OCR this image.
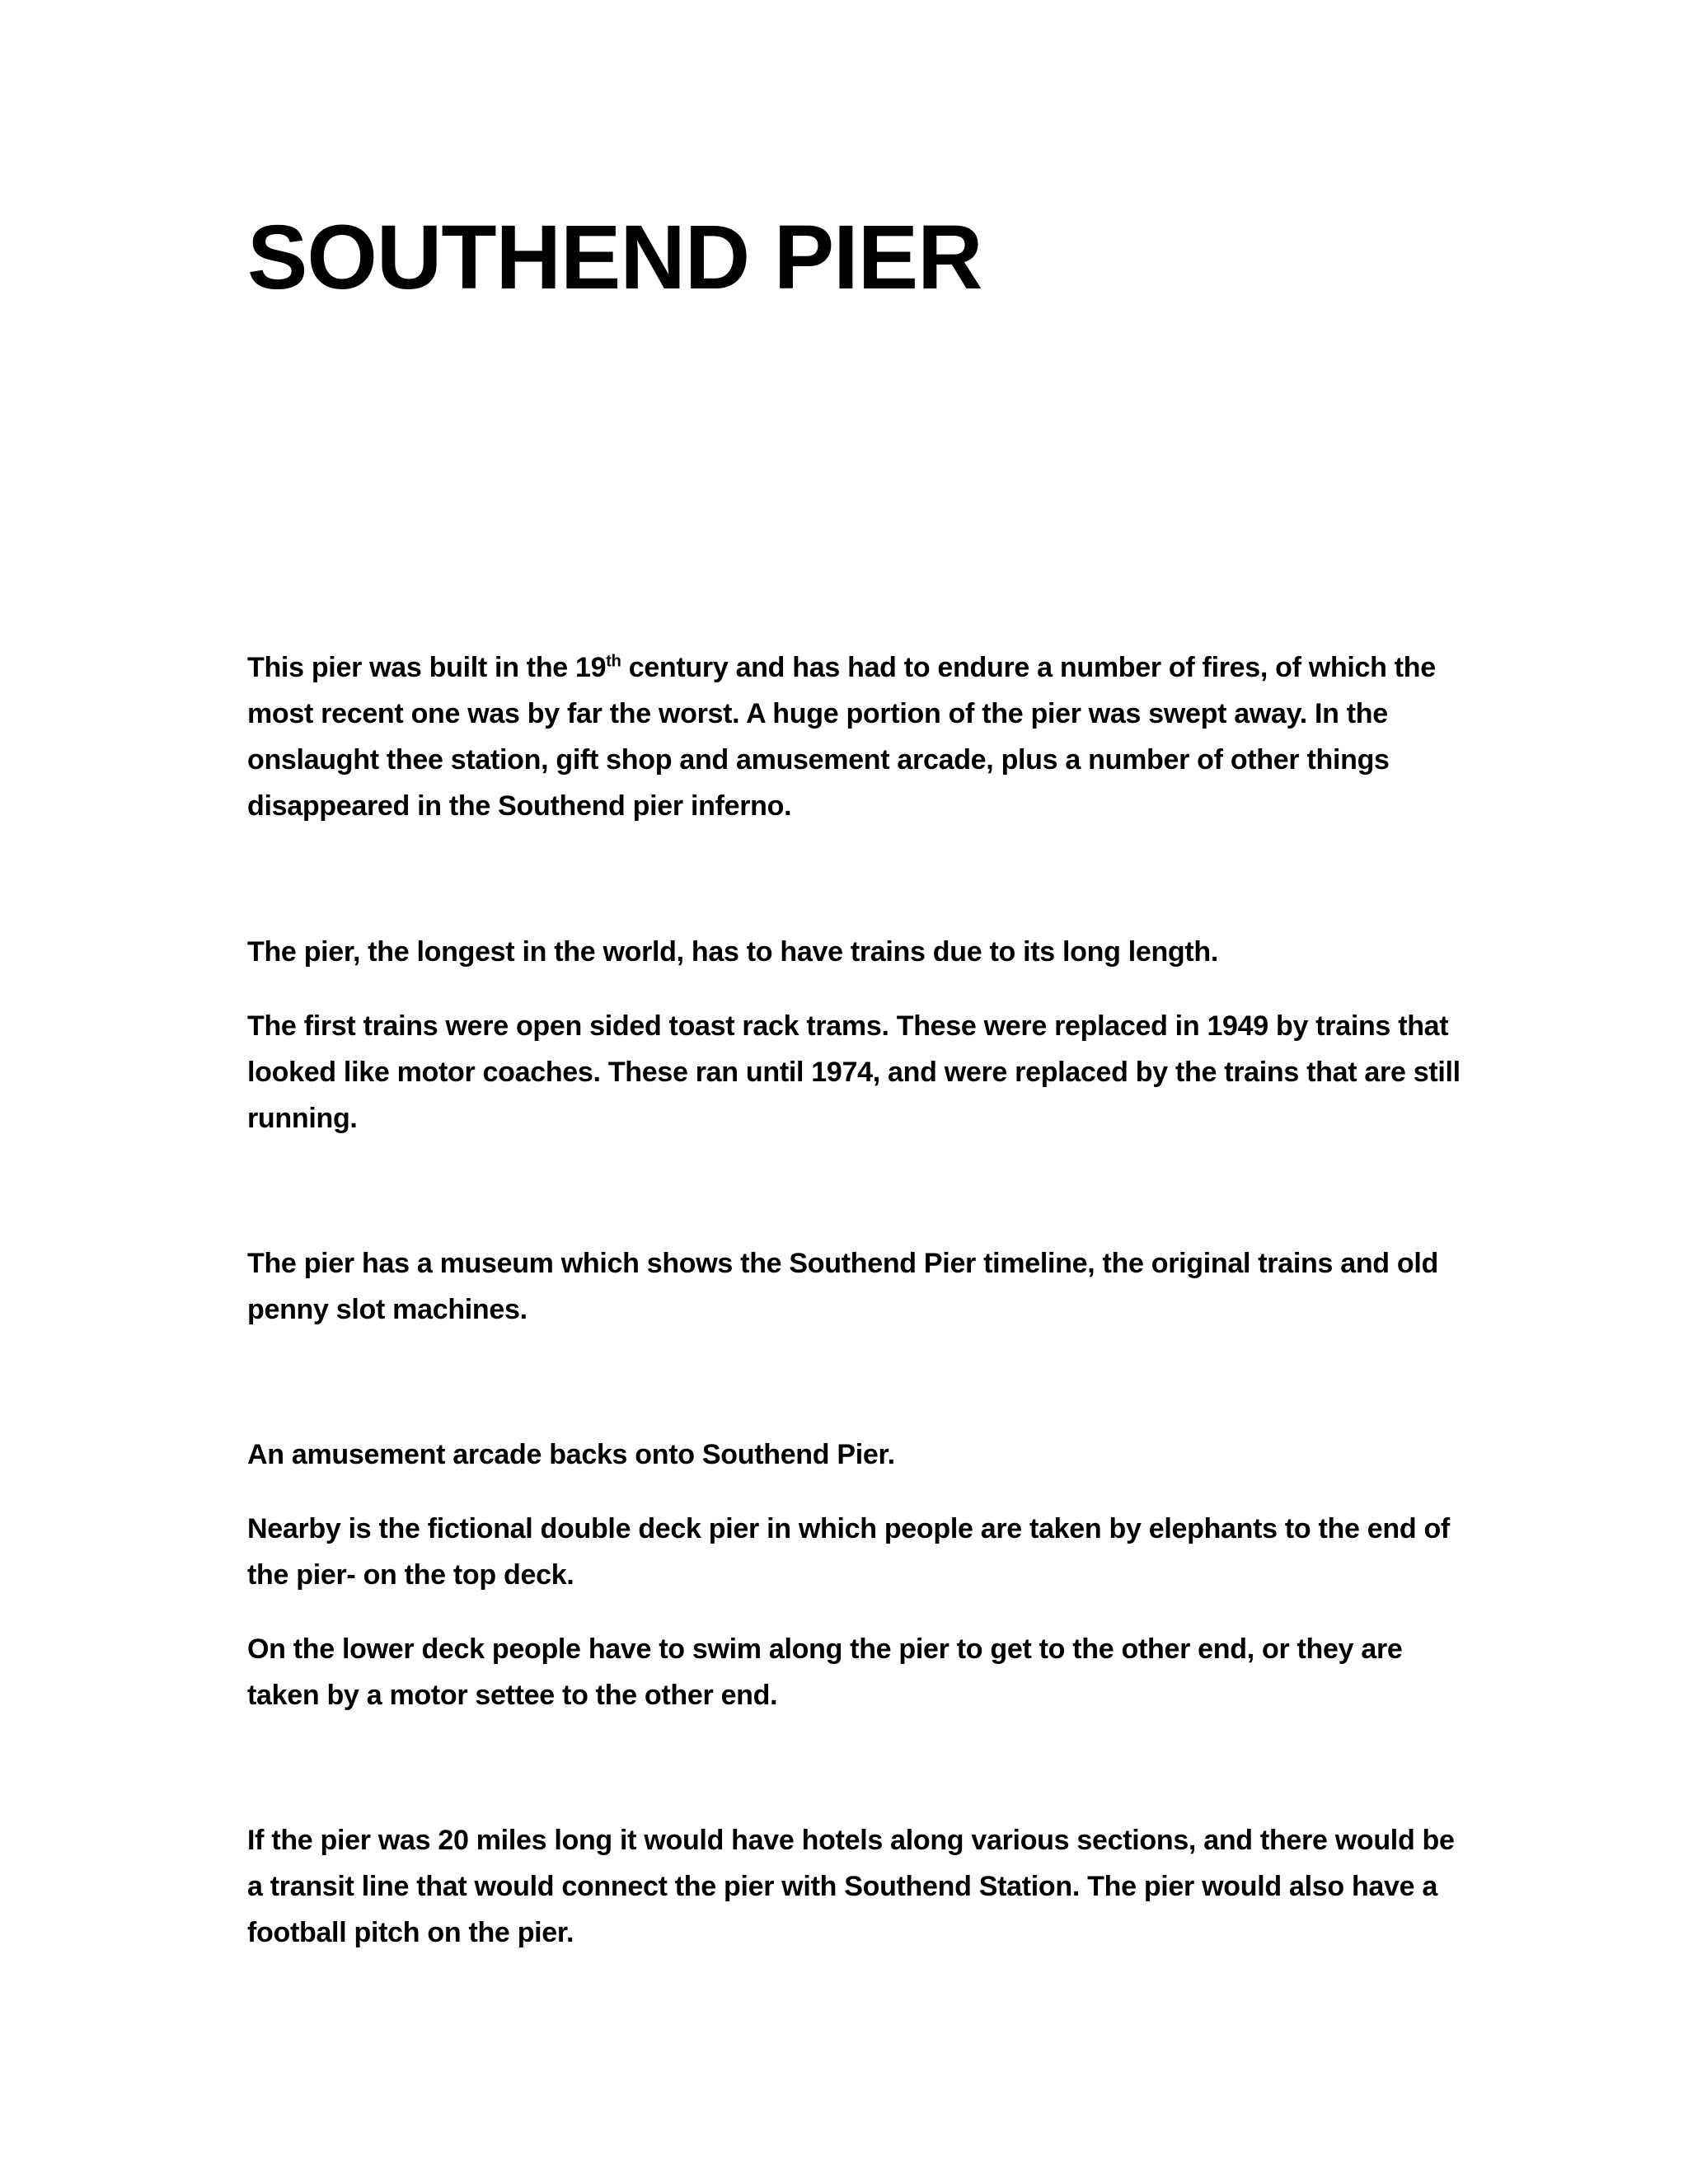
SOUTHEND PIER

This pier was built in the 19th century and has had to endure a number of fires, of which the most recent one was by far the worst. A huge portion of the pier was swept away. In the onslaught thee station, gift shop and amusement arcade, plus a number of other things disappeared in the Southend pier inferno.

The pier, the longest in the world, has to have trains due to its long length.

The first trains were open sided toast rack trams. These were replaced in 1949 by trains that looked like motor coaches. These ran until 1974, and were replaced by the trains that are still running.

The pier has a museum which shows the Southend Pier timeline, the original trains and old penny slot machines.

An amusement arcade backs onto Southend Pier.

Nearby is the fictional double deck pier in which people are taken by elephants to the end of the pier- on the top deck.

On the lower deck people have to swim along the pier to get to the other end, or they are taken by a motor settee to the other end.

If the pier was 20 miles long it would have hotels along various sections, and there would be a transit line that would connect the pier with Southend Station. The pier would also have a football pitch on the pier.
